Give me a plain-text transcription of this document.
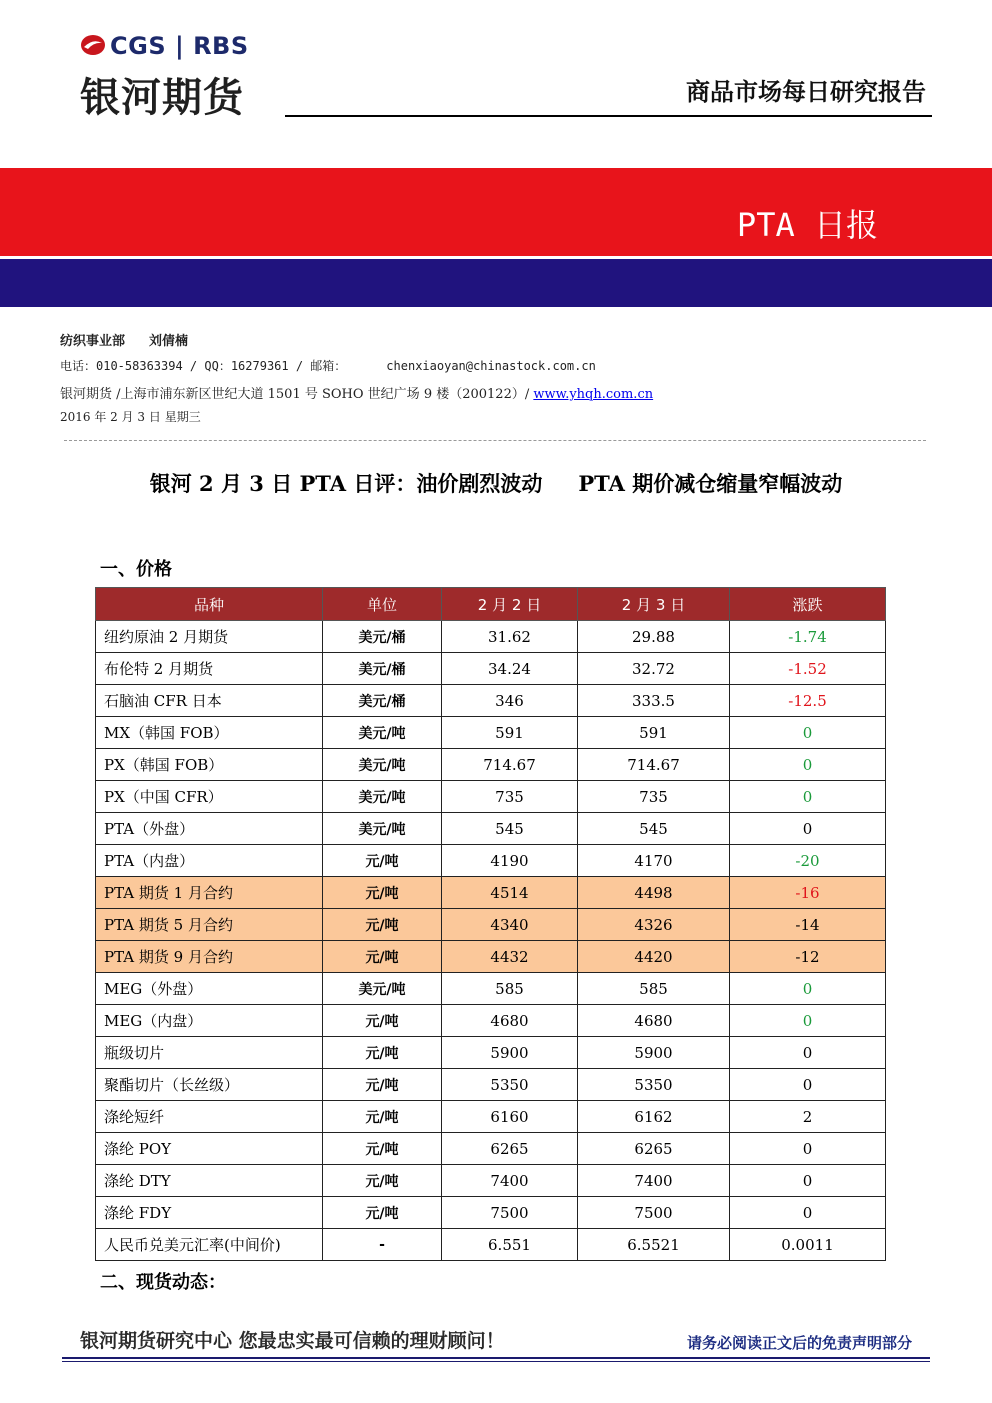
CGS | RBS
银河期货	商品市场每日研究报告
PTA 日报
纺织事业部 刘倩楠
电话：010-58363394 / QQ：16279361 / 邮箱：	chenxiaoyan@chinastock.com.cn
银河期货 /上海市浦东新区世纪大道 1501 号 SOHO 世纪广场 9 楼（200122）/ www.yhqh.com.cn
2016 年 2 月 3 日 星期三
银河 2 月 3 日 PTA 日评：油价剧烈波动 PTA 期价减仓缩量窄幅波动
一、价格
品种	单位	2 月 2 日	2 月 3 日	涨跌
纽约原油 2 月期货	美元/桶	31.62	29.88	-1.74
布伦特 2 月期货	美元/桶	34.24	32.72	-1.52
石脑油 CFR 日本	美元/桶	346	333.5	-12.5
MX（韩国 FOB）	美元/吨	591	591	0
PX（韩国 FOB）	美元/吨	714.67	714.67	0
PX（中国 CFR）	美元/吨	735	735	0
PTA（外盘）	美元/吨	545	545	0
PTA（内盘）	元/吨	4190	4170	-20
PTA 期货 1 月合约	元/吨	4514	4498	-16
PTA 期货 5 月合约	元/吨	4340	4326	-14
PTA 期货 9 月合约	元/吨	4432	4420	-12
MEG（外盘）	美元/吨	585	585	0
MEG（内盘）	元/吨	4680	4680	0
瓶级切片	元/吨	5900	5900	0
聚酯切片（长丝级）	元/吨	5350	5350	0
涤纶短纤	元/吨	6160	6162	2
涤纶 POY	元/吨	6265	6265	0
涤纶 DTY	元/吨	7400	7400	0
涤纶 FDY	元/吨	7500	7500	0
人民币兑美元汇率(中间价)	-	6.551	6.5521	0.0011
二、现货动态：
银河期货研究中心 您最忠实最可信赖的理财顾问！	请务必阅读正文后的免责声明部分
